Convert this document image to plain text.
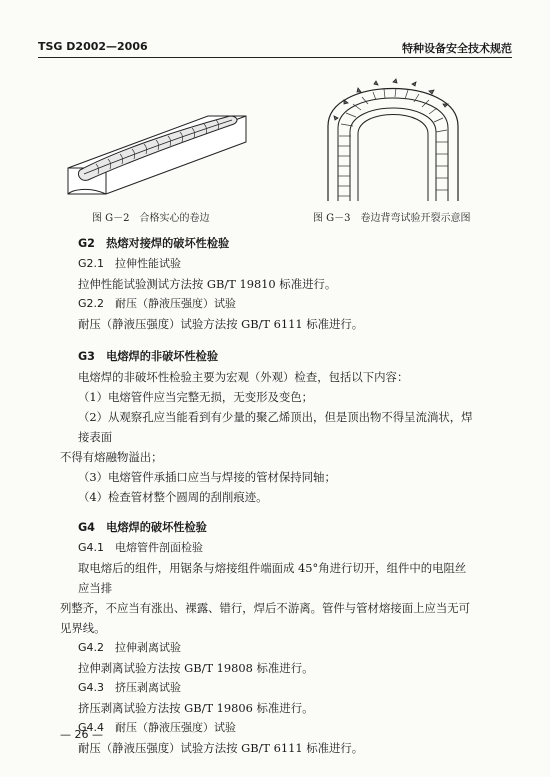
TSG D2002—2006	特种设备安全技术规范
图 G－2　合格实心的卷边	图 G－3　卷边背弯试验开裂示意图

G2　热熔对接焊的破坏性检验

G2.1　拉伸性能试验

拉伸性能试验测试方法按 GB/T 19810 标准进行。

G2.2　耐压（静液压强度）试验

耐压（静液压强度）试验方法按 GB/T 6111 标准进行。

G3　电熔焊的非破坏性检验

电熔焊的非破坏性检验主要为宏观（外观）检查，包括以下内容：

（1）电熔管件应当完整无损，无变形及变色；

（2）从观察孔应当能看到有少量的聚乙烯顶出，但是顶出物不得呈流淌状，焊接表面

不得有熔融物溢出；

（3）电熔管件承插口应当与焊接的管材保持同轴；

（4）检查管材整个圆周的刮削痕迹。

G4　电熔焊的破坏性检验

G4.1　电熔管件剖面检验

取电熔后的组件，用锯条与熔接组件端面成 45°角进行切开，组件中的电阻丝应当排

列整齐，不应当有涨出、裸露、错行，焊后不游离。管件与管材熔接面上应当无可见界线。

G4.2　拉伸剥离试验

拉伸剥离试验方法按 GB/T 19808 标准进行。

G4.3　挤压剥离试验

挤压剥离试验方法按 GB/T 19806 标准进行。

G4.4　耐压（静液压强度）试验

耐压（静液压强度）试验方法按 GB/T 6111 标准进行。

— 26 —
